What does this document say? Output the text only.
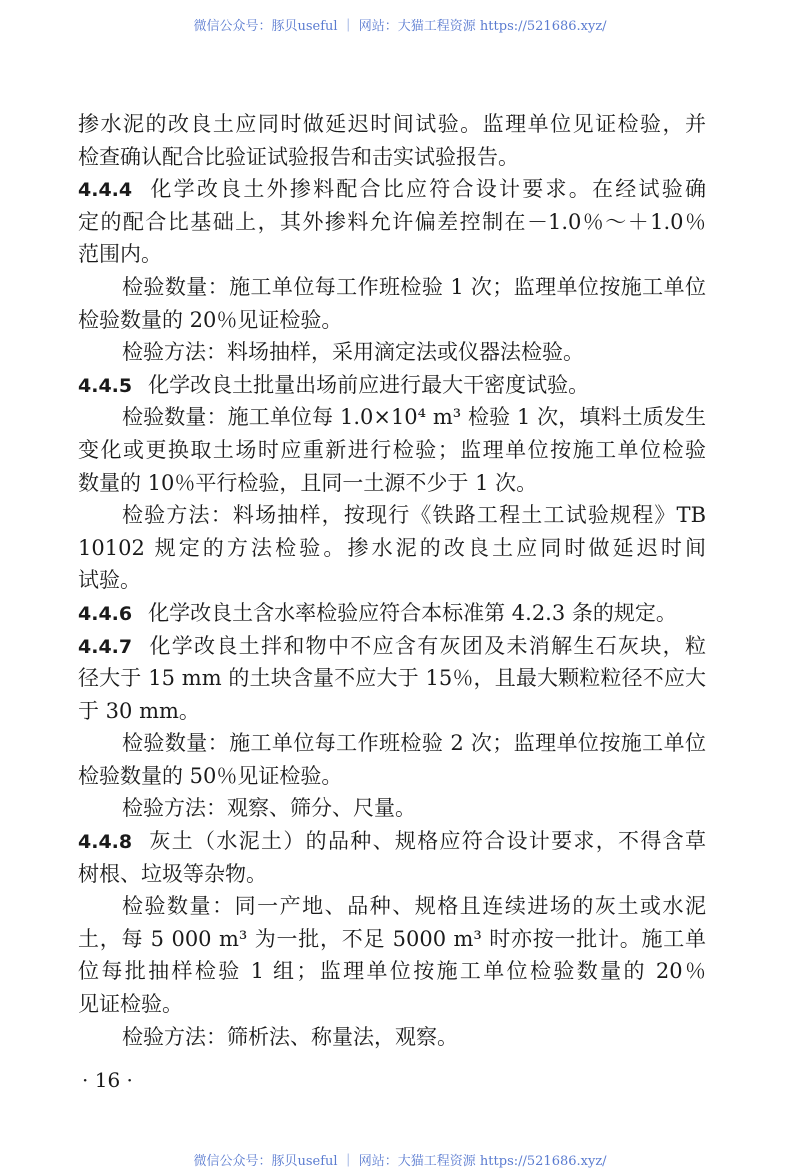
微信公众号：豚贝useful ｜ 网站：大猫工程资源 https://521686.xyz/
掺水泥的改良土应同时做延迟时间试验。监理单位见证检验，并
检查确认配合比验证试验报告和击实试验报告。
4.4.4 化学改良土外掺料配合比应符合设计要求。在经试验确
定的配合比基础上，其外掺料允许偏差控制在－1.0％～＋1.0％
范围内。
检验数量：施工单位每工作班检验 1 次；监理单位按施工单位
检验数量的 20％见证检验。
检验方法：料场抽样，采用滴定法或仪器法检验。
4.4.5 化学改良土批量出场前应进行最大干密度试验。
检验数量：施工单位每 1.0×10⁴ m³ 检验 1 次，填料土质发生
变化或更换取土场时应重新进行检验；监理单位按施工单位检验
数量的 10％平行检验，且同一土源不少于 1 次。
检验方法：料场抽样，按现行《铁路工程土工试验规程》TB
10102 规定的方法检验。掺水泥的改良土应同时做延迟时间
试验。
4.4.6 化学改良土含水率检验应符合本标准第 4.2.3 条的规定。
4.4.7 化学改良土拌和物中不应含有灰团及未消解生石灰块，粒
径大于 15 mm 的土块含量不应大于 15％，且最大颗粒粒径不应大
于 30 mm。
检验数量：施工单位每工作班检验 2 次；监理单位按施工单位
检验数量的 50％见证检验。
检验方法：观察、筛分、尺量。
4.4.8 灰土（水泥土）的品种、规格应符合设计要求，不得含草
树根、垃圾等杂物。
检验数量：同一产地、品种、规格且连续进场的灰土或水泥
土，每 5 000 m³ 为一批，不足 5000 m³ 时亦按一批计。施工单
位每批抽样检验 1 组；监理单位按施工单位检验数量的 20％
见证检验。
检验方法：筛析法、称量法，观察。
· 16 ·
微信公众号：豚贝useful ｜ 网站：大猫工程资源 https://521686.xyz/
